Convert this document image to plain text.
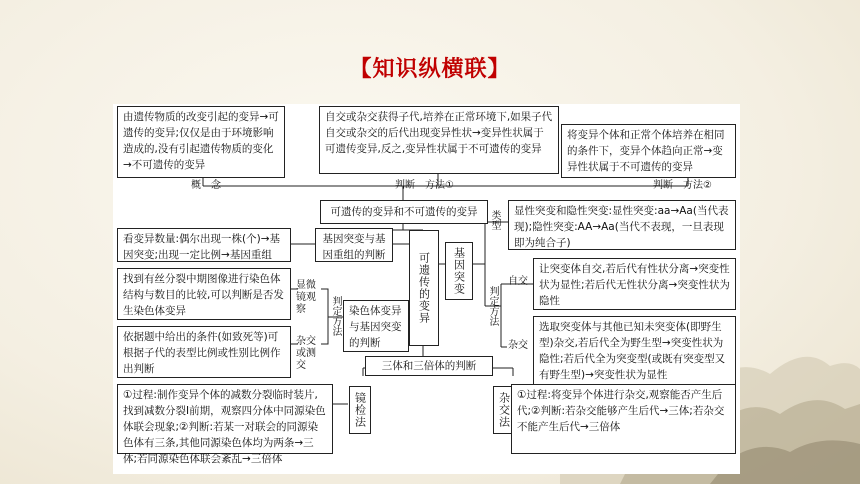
【知识纵横联】
由遗传物质的改变引起的变异→可遗传的变异;仅仅是由于环境影响造成的,没有引起遗传物质的变化→不可遗传的变异
概　念
自交或杂交获得子代,培养在正常环境下,如果子代自交或杂交的后代出现变异性状→变异性状属于可遗传变异,反之,变异性状属于不可遗传的变异
判断　方法①
将变异个体和正常个体培养在相同的条件下，变异个体趋向正常→变异性状属于不可遗传的变异
判断　方法②
可遗传的变异和不可遗传的变异
可遗传的变异
看变异数量:偶尔出现一株(个)→基因突变;出现一定比例→基因重组
基因突变与基因重组的判断	基因突变
类型
判定方法
显性突变和隐性突变:显性突变:aa→Aa(当代表现);隐性突变:AA→Aa(当代不表现，一旦表现即为纯合子)
自交
让突变体自交,若后代有性状分离→突变性状为显性;若后代无性状分离→突变性状为隐性
杂交
选取突变体与其他已知未突变体(即野生型)杂交,若后代全为野生型→突变性状为隐性;若后代全为突变型(或既有突变型又有野生型)→突变性状为显性
找到有丝分裂中期图像进行染色体结构与数目的比较,可以判断是否发生染色体变异
显微镜观察
依据题中给出的条件(如致死等)可根据子代的表型比例或性别比例作出判断
杂交或测交
判定方法 染色体变异与基因突变的判断
三体和三倍体的判断
镜检法	杂交法
①过程:制作变异个体的减数分裂临时装片,找到减数分裂Ⅰ前期，观察四分体中同源染色体联会现象;②判断:若某一对联会的同源染色体有三条,其他同源染色体均为两条→三体;若同源染色体联会紊乱→三倍体
①过程:将变异个体进行杂交,观察能否产生后代;②判断:若杂交能够产生后代→三体;若杂交不能产生后代→三倍体
